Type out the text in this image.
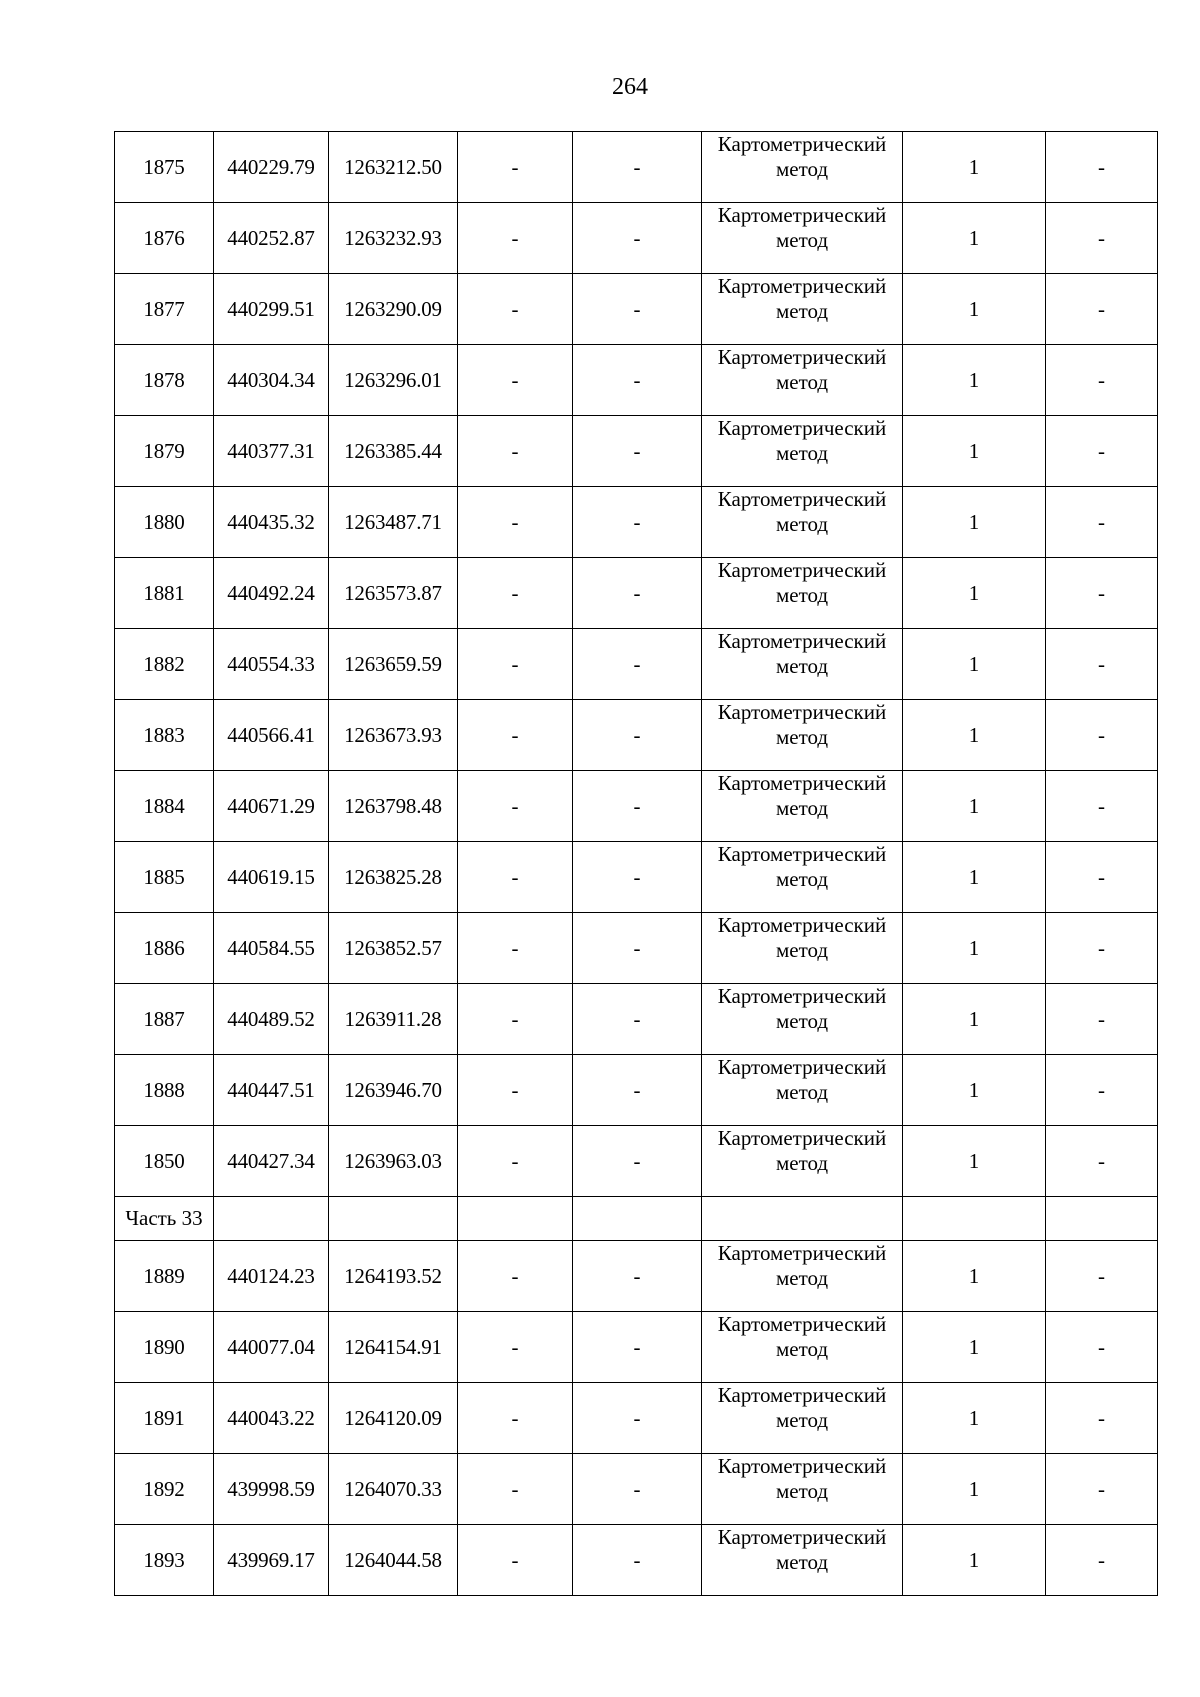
264
1875	440229.79	1263212.50	-	-	Картометрический
метод	1	-
1876	440252.87	1263232.93	-	-	Картометрический
метод	1	-
1877	440299.51	1263290.09	-	-	Картометрический
метод	1	-
1878	440304.34	1263296.01	-	-	Картометрический
метод	1	-
1879	440377.31	1263385.44	-	-	Картометрический
метод	1	-
1880	440435.32	1263487.71	-	-	Картометрический
метод	1	-
1881	440492.24	1263573.87	-	-	Картометрический
метод	1	-
1882	440554.33	1263659.59	-	-	Картометрический
метод	1	-
1883	440566.41	1263673.93	-	-	Картометрический
метод	1	-
1884	440671.29	1263798.48	-	-	Картометрический
метод	1	-
1885	440619.15	1263825.28	-	-	Картометрический
метод	1	-
1886	440584.55	1263852.57	-	-	Картометрический
метод	1	-
1887	440489.52	1263911.28	-	-	Картометрический
метод	1	-
1888	440447.51	1263946.70	-	-	Картометрический
метод	1	-
1850	440427.34	1263963.03	-	-	Картометрический
метод	1	-
Часть 33							
1889	440124.23	1264193.52	-	-	Картометрический
метод	1	-
1890	440077.04	1264154.91	-	-	Картометрический
метод	1	-
1891	440043.22	1264120.09	-	-	Картометрический
метод	1	-
1892	439998.59	1264070.33	-	-	Картометрический
метод	1	-
1893	439969.17	1264044.58	-	-	Картометрический
метод	1	-
